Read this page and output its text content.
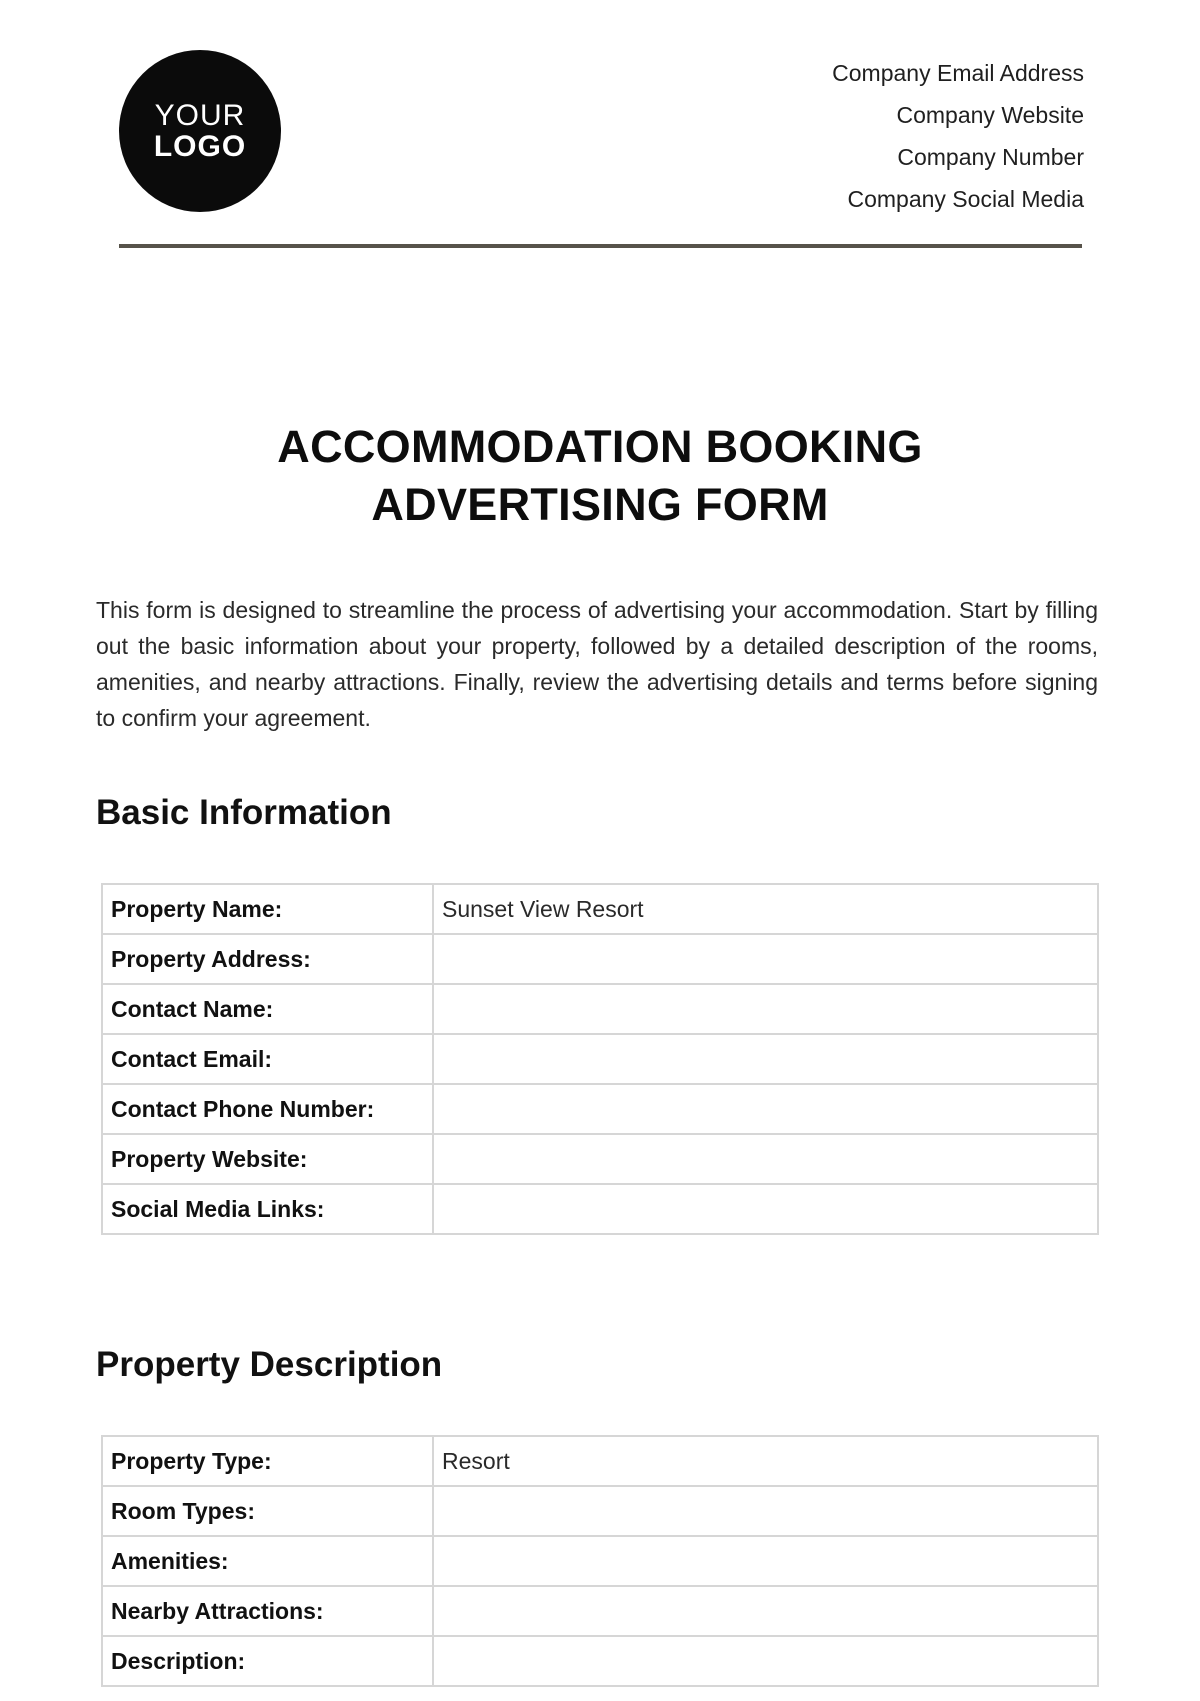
YOUR
LOGO
Company Email Address
Company Website
Company Number
Company Social Media
ACCOMMODATION BOOKING
ADVERTISING FORM
This form is designed to streamline the process of advertising your accommodation. Start by filling out the basic information about your property, followed by a detailed description of the rooms, amenities, and nearby attractions. Finally, review the advertising details and terms before signing to confirm your agreement.
Basic Information
Property Name:	Sunset View Resort
Property Address:	
Contact Name:	
Contact Email:	
Contact Phone Number:	
Property Website:	
Social Media Links:	
Property Description
Property Type:	Resort
Room Types:	
Amenities:	
Nearby Attractions:	
Description:	
